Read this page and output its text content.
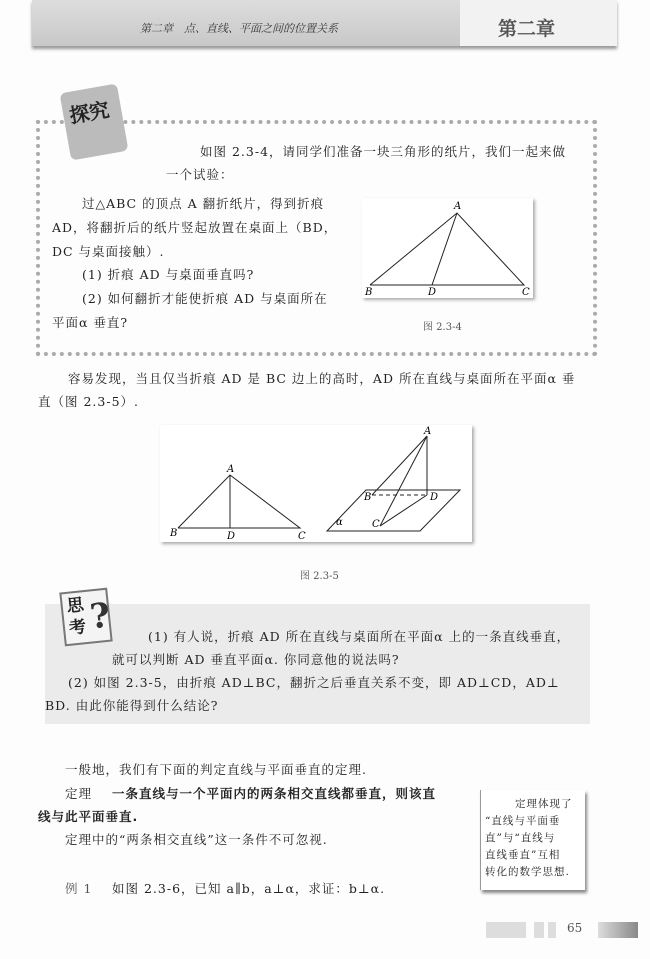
第二章　点、直线、平面之间的位置关系	第二章
探究
如图 2.3-4，请同学们准备一块三角形的纸片，我们一起来做
一个试验：
过△ABC 的顶点 A 翻折纸片，得到折痕
AD，将翻折后的纸片竖起放置在桌面上（BD，
DC 与桌面接触）.
(1) 折痕 AD 与桌面垂直吗?
(2) 如何翻折才能使折痕 AD 与桌面所在
平面α 垂直?
A
B	D	C
图 2.3-4
容易发现，当且仅当折痕 AD 是 BC 边上的高时，AD 所在直线与桌面所在平面α 垂
直（图 2.3-5）.
A
B	D	C
A
B	D
C
α
图 2.3-5
思考 ?	(1) 有人说，折痕 AD 所在直线与桌面所在平面α 上的一条直线垂直，
就可以判断 AD 垂直平面α. 你同意他的说法吗?
(2) 如图 2.3-5，由折痕 AD⊥BC，翻折之后垂直关系不变，即 AD⊥CD，AD⊥
BD. 由此你能得到什么结论?
一般地，我们有下面的判定直线与平面垂直的定理.
定理 一条直线与一个平面内的两条相交直线都垂直，则该直
线与此平面垂直.
定理中的“两条相交直线”这一条件不可忽视.
例 1 如图 2.3-6，已知 a∥b，a⊥α，求证：b⊥α.
定理体现了
“直线与平面垂
直”与“直线与
直线垂直”互相
转化的数学思想.
65
